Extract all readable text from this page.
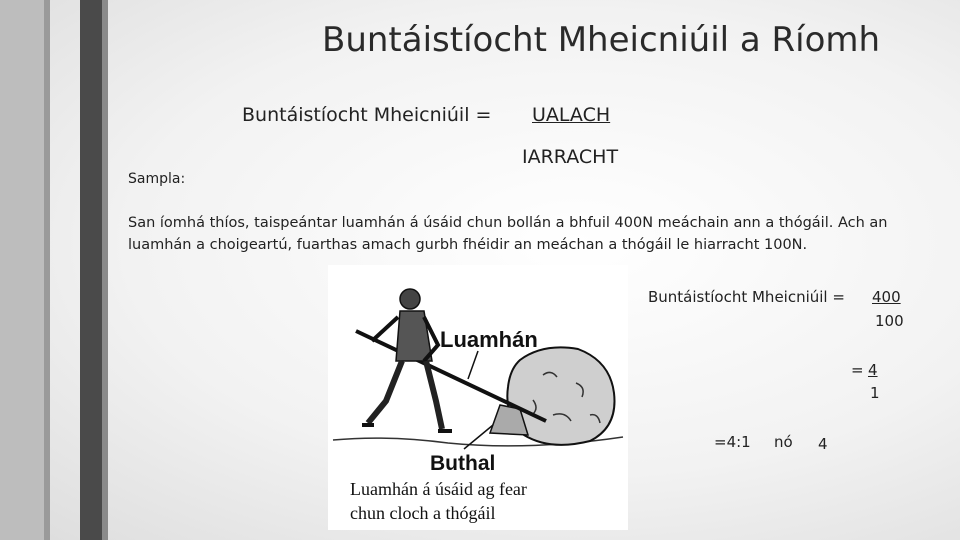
Buntáistíocht Mheicniúil a Ríomh
Buntáistíocht Mheicniúil = UALACH
IARRACHT
Sampla:
San íomhá thíos, taispeántar luamhán á úsáid chun bollán a bhfuil 400N meáchain ann a thógáil. Ach an luamhán a choigeartú, fuarthas amach gurbh fhéidir an meáchan a thógáil le hiarracht 100N.
Luamhán
Buthal
Luamhán á úsáid ag fear
chun cloch a thógáil
Buntáistíocht Mheicniúil = 400
100
= 4
1
=4:1 nó 4
